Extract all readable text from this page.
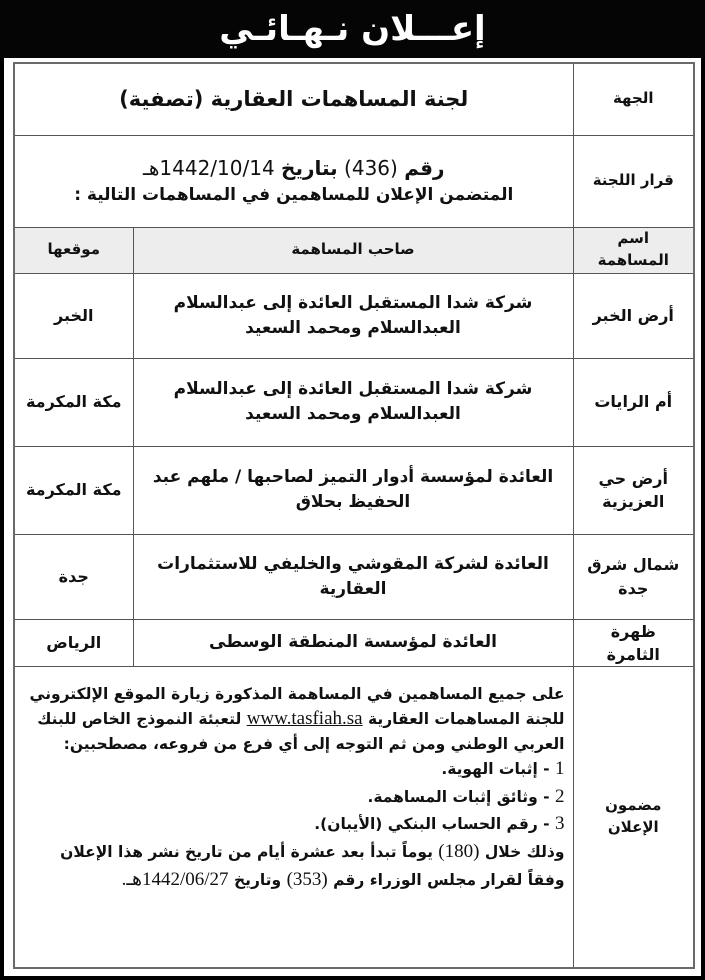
إعـــلان نـهـائـي
الجهة	لجنة المساهمات العقارية (تصفية)	
قرار اللجنة	رقم (436) بتاريخ 1442/10/14هـ
المتضمن الإعلان للمساهمين في المساهمات التالية :	

اسم المساهمة	صاحب المساهمة	موقعها
أرض الخبر	شركة شدا المستقبل العائدة إلى عبدالسلام العبدالسلام ومحمد السعيد	الخبر
أم الرايات	شركة شدا المستقبل العائدة إلى عبدالسلام العبدالسلام ومحمد السعيد	مكة المكرمة
أرض حي العزيزية	العائدة لمؤسسة أدوار التميز لصاحبها / ملهم عبد الحفيظ بحلاق	مكة المكرمة
شمال شرق جدة	العائدة لشركة المقوشي والخليفي للاستثمارات العقارية	جدة
ظهرة الثامرة	العائدة لمؤسسة المنطقة الوسطى	الرياض
مضمون الإعلان	على جميع المساهمين في المساهمة المذكورة زيارة الموقع الإلكتروني للجنة المساهمات العقارية www.tasfiah.sa لتعبئة النموذج الخاص للبنك العربي الوطني ومن ثم التوجه إلى أي فرع من فروعه، مصطحبين:

1 - إثبات الهوية.

2 - وثائق إثبات المساهمة.

3 - رقم الحساب البنكي (الأيبان).

وذلك خلال (180) يوماً تبدأ بعد عشرة أيام من تاريخ نشر هذا الإعلان وفقاً لقرار مجلس الوزراء رقم (353) وتاريخ 1442/06/27هـ.	
